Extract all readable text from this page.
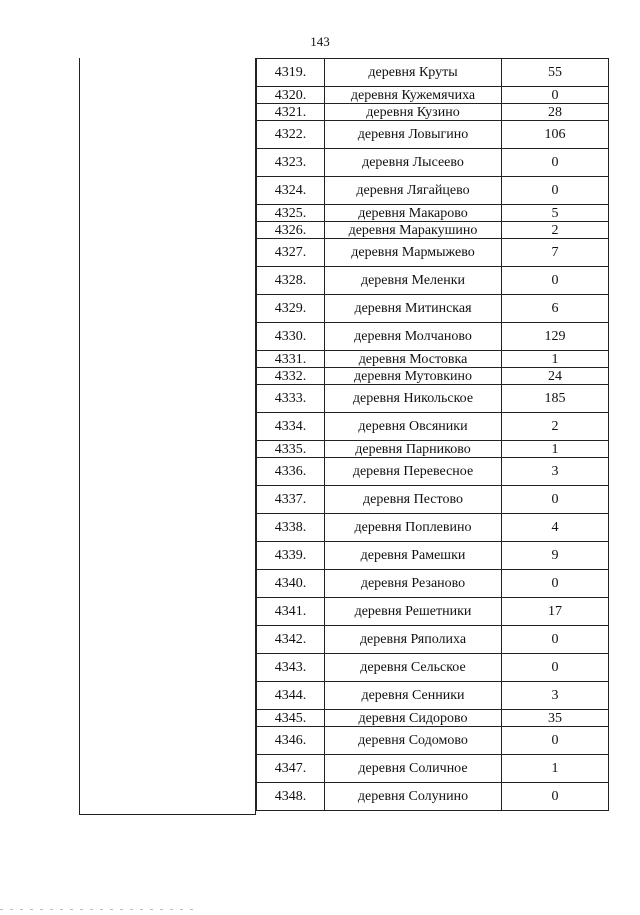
143
4319.	деревня Круты	55
4320.	деревня Кужемячиха	0
4321.	деревня Кузино	28
4322.	деревня Ловыгино	106
4323.	деревня Лысеево	0
4324.	деревня Лягайцево	0
4325.	деревня Макарово	5
4326.	деревня Маракушино	2
4327.	деревня Мармыжево	7
4328.	деревня Меленки	0
4329.	деревня Митинская	6
4330.	деревня Молчаново	129
4331.	деревня Мостовка	1
4332.	деревня Мутовкино	24
4333.	деревня Никольское	185
4334.	деревня Овсяники	2
4335.	деревня Парниково	1
4336.	деревня Перевесное	3
4337.	деревня Пестово	0
4338.	деревня Поплевино	4
4339.	деревня Рамешки	9
4340.	деревня Резаново	0
4341.	деревня Решетники	17
4342.	деревня Ряполиха	0
4343.	деревня Сельское	0
4344.	деревня Сенники	3
4345.	деревня Сидорово	35
4346.	деревня Содомово	0
4347.	деревня Соличное	1
4348.	деревня Солунино	0
